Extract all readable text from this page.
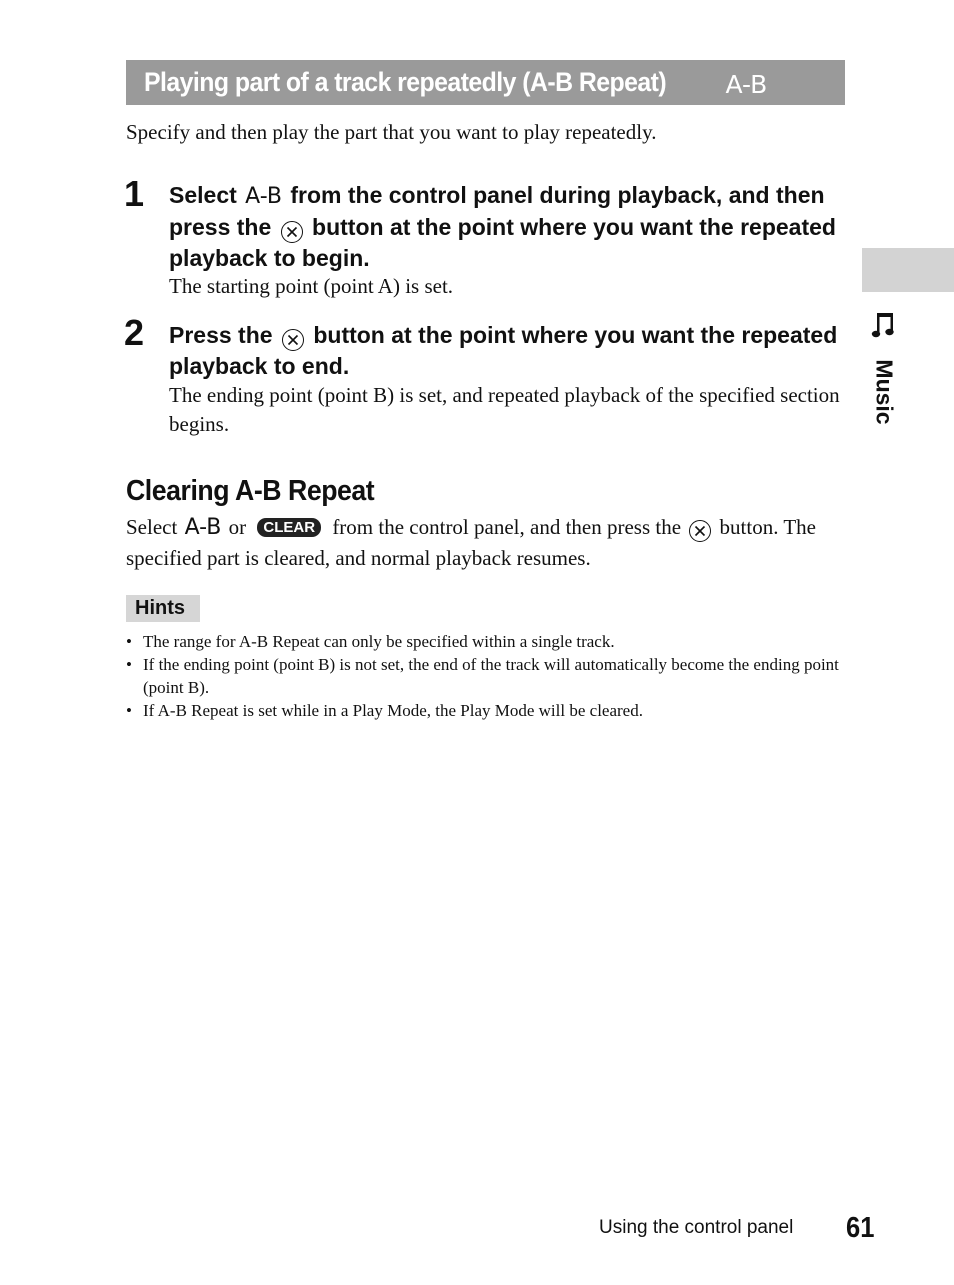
Playing part of a track repeatedly (A-B Repeat) A-B
Specify and then play the part that you want to play repeatedly.
1 Select A-B from the control panel during playback, and then press the button at the point where you want the repeated playback to begin.
The starting point (point A) is set.
2 Press the button at the point where you want the repeated playback to end.
The ending point (point B) is set, and repeated playback of the specified section begins.
Clearing A-B Repeat
Select A-B or CLEAR from the control panel, and then press the button. The specified part is cleared, and normal playback resumes.
Hints
• The range for A-B Repeat can only be specified within a single track.
• If the ending point (point B) is not set, the end of the track will automatically become the ending point (point B).
• If A-B Repeat is set while in a Play Mode, the Play Mode will be cleared.
Music
Using the control panel 61
